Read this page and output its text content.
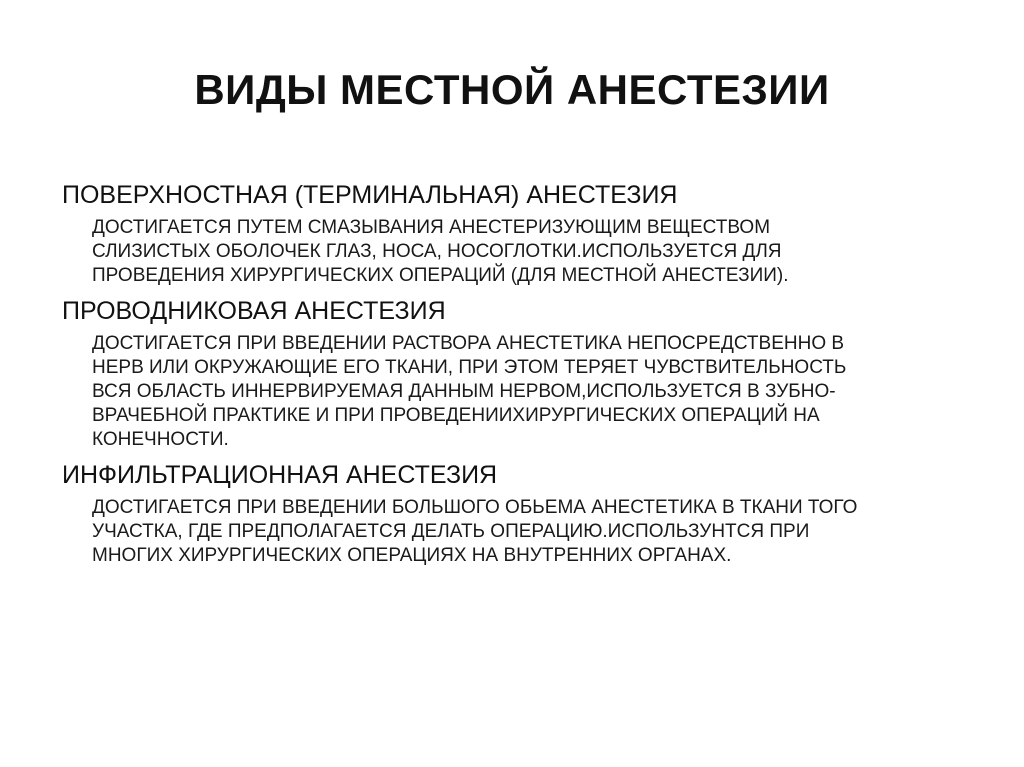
ВИДЫ МЕСТНОЙ АНЕСТЕЗИИ

ПОВЕРХНОСТНАЯ (ТЕРМИНАЛЬНАЯ) АНЕСТЕЗИЯ

ДОСТИГАЕТСЯ ПУТЕМ СМАЗЫВАНИЯ АНЕСТЕРИЗУЮЩИМ ВЕЩЕСТВОМ
СЛИЗИСТЫХ ОБОЛОЧЕК ГЛАЗ, НОСА, НОСОГЛОТКИ.ИСПОЛЬЗУЕТСЯ ДЛЯ
ПРОВЕДЕНИЯ ХИРУРГИЧЕСКИХ ОПЕРАЦИЙ (ДЛЯ МЕСТНОЙ АНЕСТЕЗИИ).

ПРОВОДНИКОВАЯ АНЕСТЕЗИЯ

ДОСТИГАЕТСЯ ПРИ ВВЕДЕНИИ РАСТВОРА АНЕСТЕТИКА НЕПОСРЕДСТВЕННО В
НЕРВ ИЛИ ОКРУЖАЮЩИЕ ЕГО ТКАНИ, ПРИ ЭТОМ ТЕРЯЕТ ЧУВСТВИТЕЛЬНОСТЬ
ВСЯ ОБЛАСТЬ ИННЕРВИРУЕМАЯ ДАННЫМ НЕРВОМ,ИСПОЛЬЗУЕТСЯ В ЗУБНО-
ВРАЧЕБНОЙ ПРАКТИКЕ И ПРИ ПРОВЕДЕНИИХИРУРГИЧЕСКИХ ОПЕРАЦИЙ НА
КОНЕЧНОСТИ.

ИНФИЛЬТРАЦИОННАЯ АНЕСТЕЗИЯ

ДОСТИГАЕТСЯ ПРИ ВВЕДЕНИИ БОЛЬШОГО ОБЬЕМА АНЕСТЕТИКА В ТКАНИ ТОГО
УЧАСТКА, ГДЕ ПРЕДПОЛАГАЕТСЯ ДЕЛАТЬ ОПЕРАЦИЮ.ИСПОЛЬЗУНТСЯ ПРИ
МНОГИХ ХИРУРГИЧЕСКИХ ОПЕРАЦИЯХ НА ВНУТРЕННИХ ОРГАНАХ.
